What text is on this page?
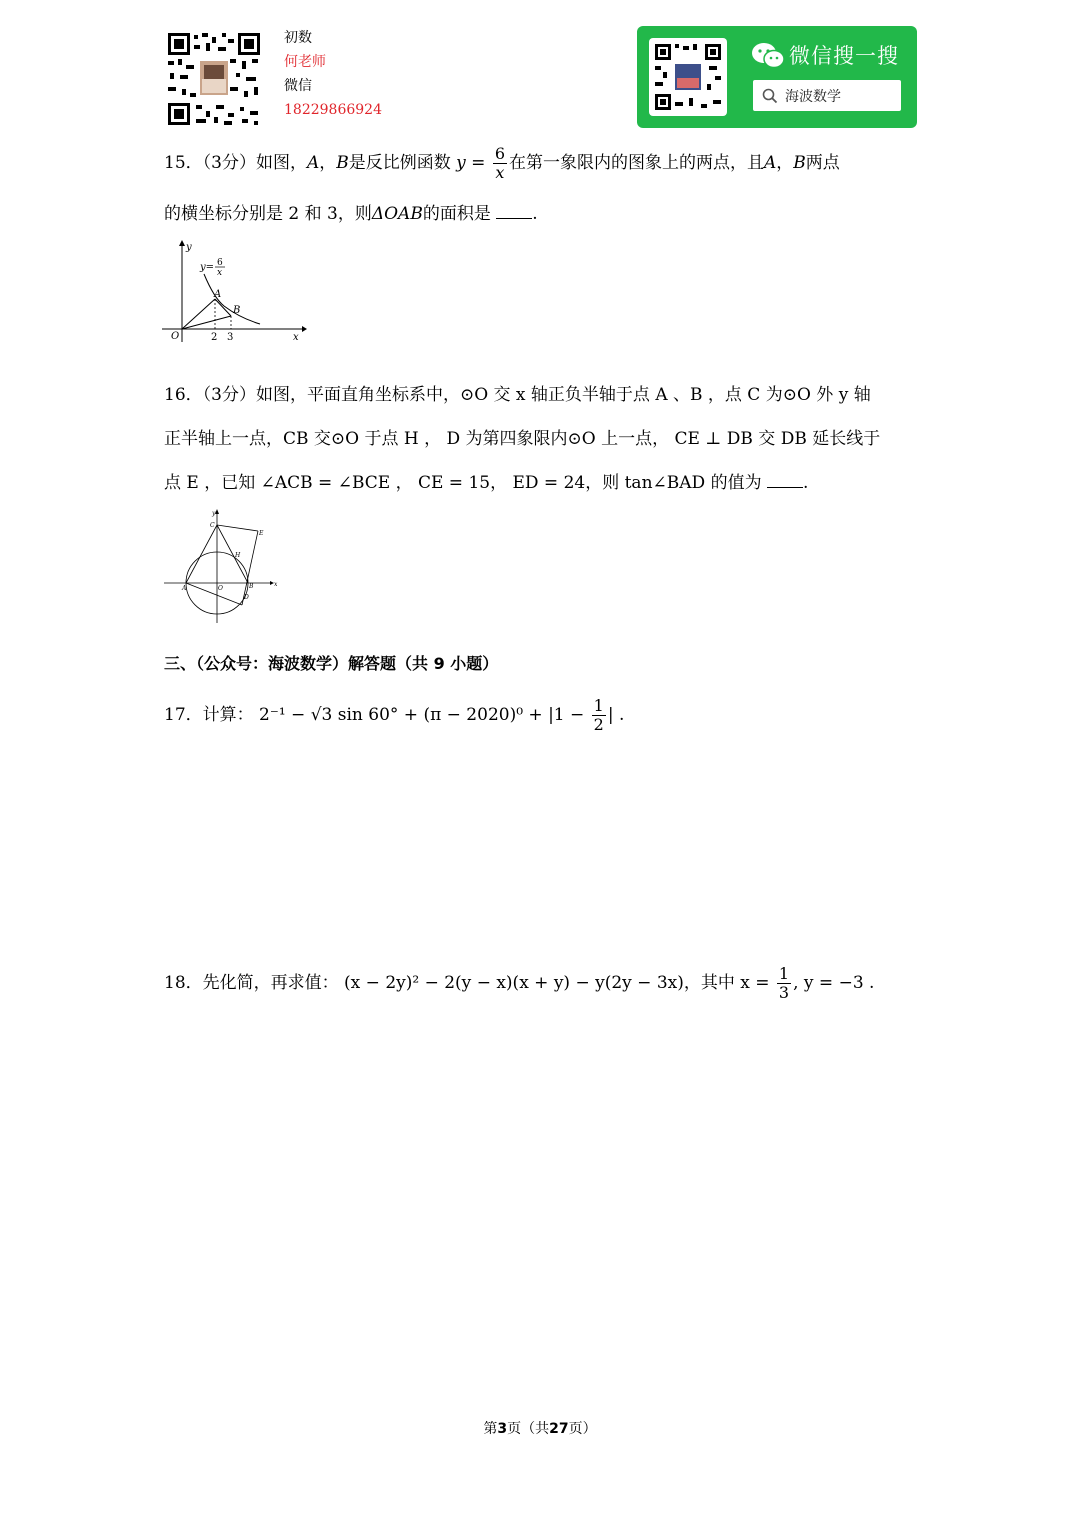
初数
何老师
微信
18229866924
微信搜一搜
海波数学
15．（3分）如图，A，B是反比例函数 $y = \frac{6}{x}$ 在第一象限内的图象上的两点，且A，B两点
的横坐标分别是 2 和 3，则ΔOAB的面积是 .
y
x
O
y= 6
x
A
B
2 3
16．（3分）如图，平面直角坐标系中，⊙O 交 x 轴正负半轴于点 A 、B ，点 C 为⊙O 外 y 轴
正半轴上一点，CB 交⊙O 于点 H ， D 为第四象限内⊙O 上一点， CE ⊥ DB 交 DB 延长线于
点 E ，已知 ∠ACB = ∠BCE ， CE = 15， ED = 24，则 tan∠BAD 的值为 .
y
x
C
E
H
A	O	B
D
三、（公众号：海波数学）解答题（共 9 小题）
17．计算： 2⁻¹ − √3 $\sin 60^\circ + (\pi - 2020)^0 + |1 - \frac{1}{2}$ | .
18．先化简，再求值： (x − 2y)² − 2(y − x)(x + y) − y(2y − 3x)，其中 $x = \frac{1}{3}$ , y = −3 .
第3页（共27页）
